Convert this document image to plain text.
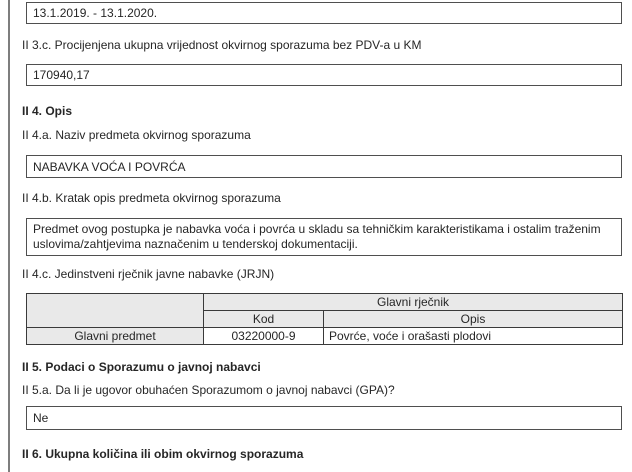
13.1.2019. - 13.1.2020.
II 3.c. Procijenjena ukupna vrijednost okvirnog sporazuma bez PDV-a u KM
170940,17
II 4. Opis
II 4.a. Naziv predmeta okvirnog sporazuma
NABAVKA VOĆA I POVRĆA
II 4.b. Kratak opis predmeta okvirnog sporazuma
Predmet ovog postupka je nabavka voća i povrća u skladu sa tehničkim karakteristikama i ostalim traženim uslovima/zahtjevima naznačenim u tenderskoj dokumentaciji.
II 4.c. Jedinstveni rječnik javne nabavke (JRJN)
	Glavni rječnik	
	Kod	Opis
Glavni predmet	03220000-9	Povrće, voće i orašasti plodovi
II 5. Podaci o Sporazumu o javnoj nabavci
II 5.a. Da li je ugovor obuhaćen Sporazumom o javnoj nabavci (GPA)?
Ne
II 6. Ukupna količina ili obim okvirnog sporazuma
